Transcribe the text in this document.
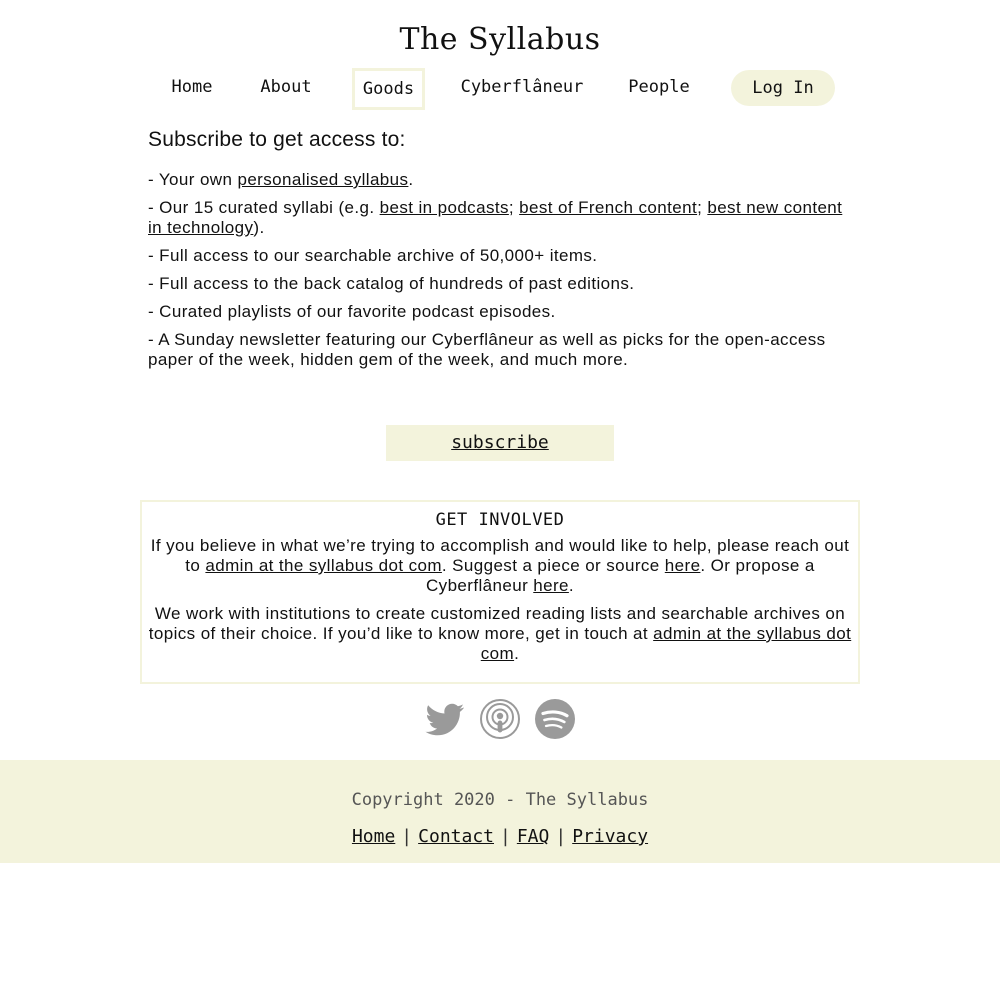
The Syllabus
Home	About	Goods	Cyberflâneur	People	Log In
Subscribe to get access to:
- Your own personalised syllabus.
- Our 15 curated syllabi (e.g. best in podcasts; best of French content; best new content in technology).
- Full access to our searchable archive of 50,000+ items.
- Full access to the back catalog of hundreds of past editions.
- Curated playlists of our favorite podcast episodes.
- A Sunday newsletter featuring our Cyberflâneur as well as picks for the open-access paper of the week, hidden gem of the week, and much more.
subscribe
GET INVOLVED

If you believe in what we’re trying to accomplish and would like to help, please reach out to admin at the syllabus dot com. Suggest a piece or source here. Or propose a Cyberflâneur here.

We work with institutions to create customized reading lists and searchable archives on topics of their choice. If you’d like to know more, get in touch at admin at the syllabus dot com.

Copyright 2020 - The Syllabus
Home | Contact | FAQ | Privacy
